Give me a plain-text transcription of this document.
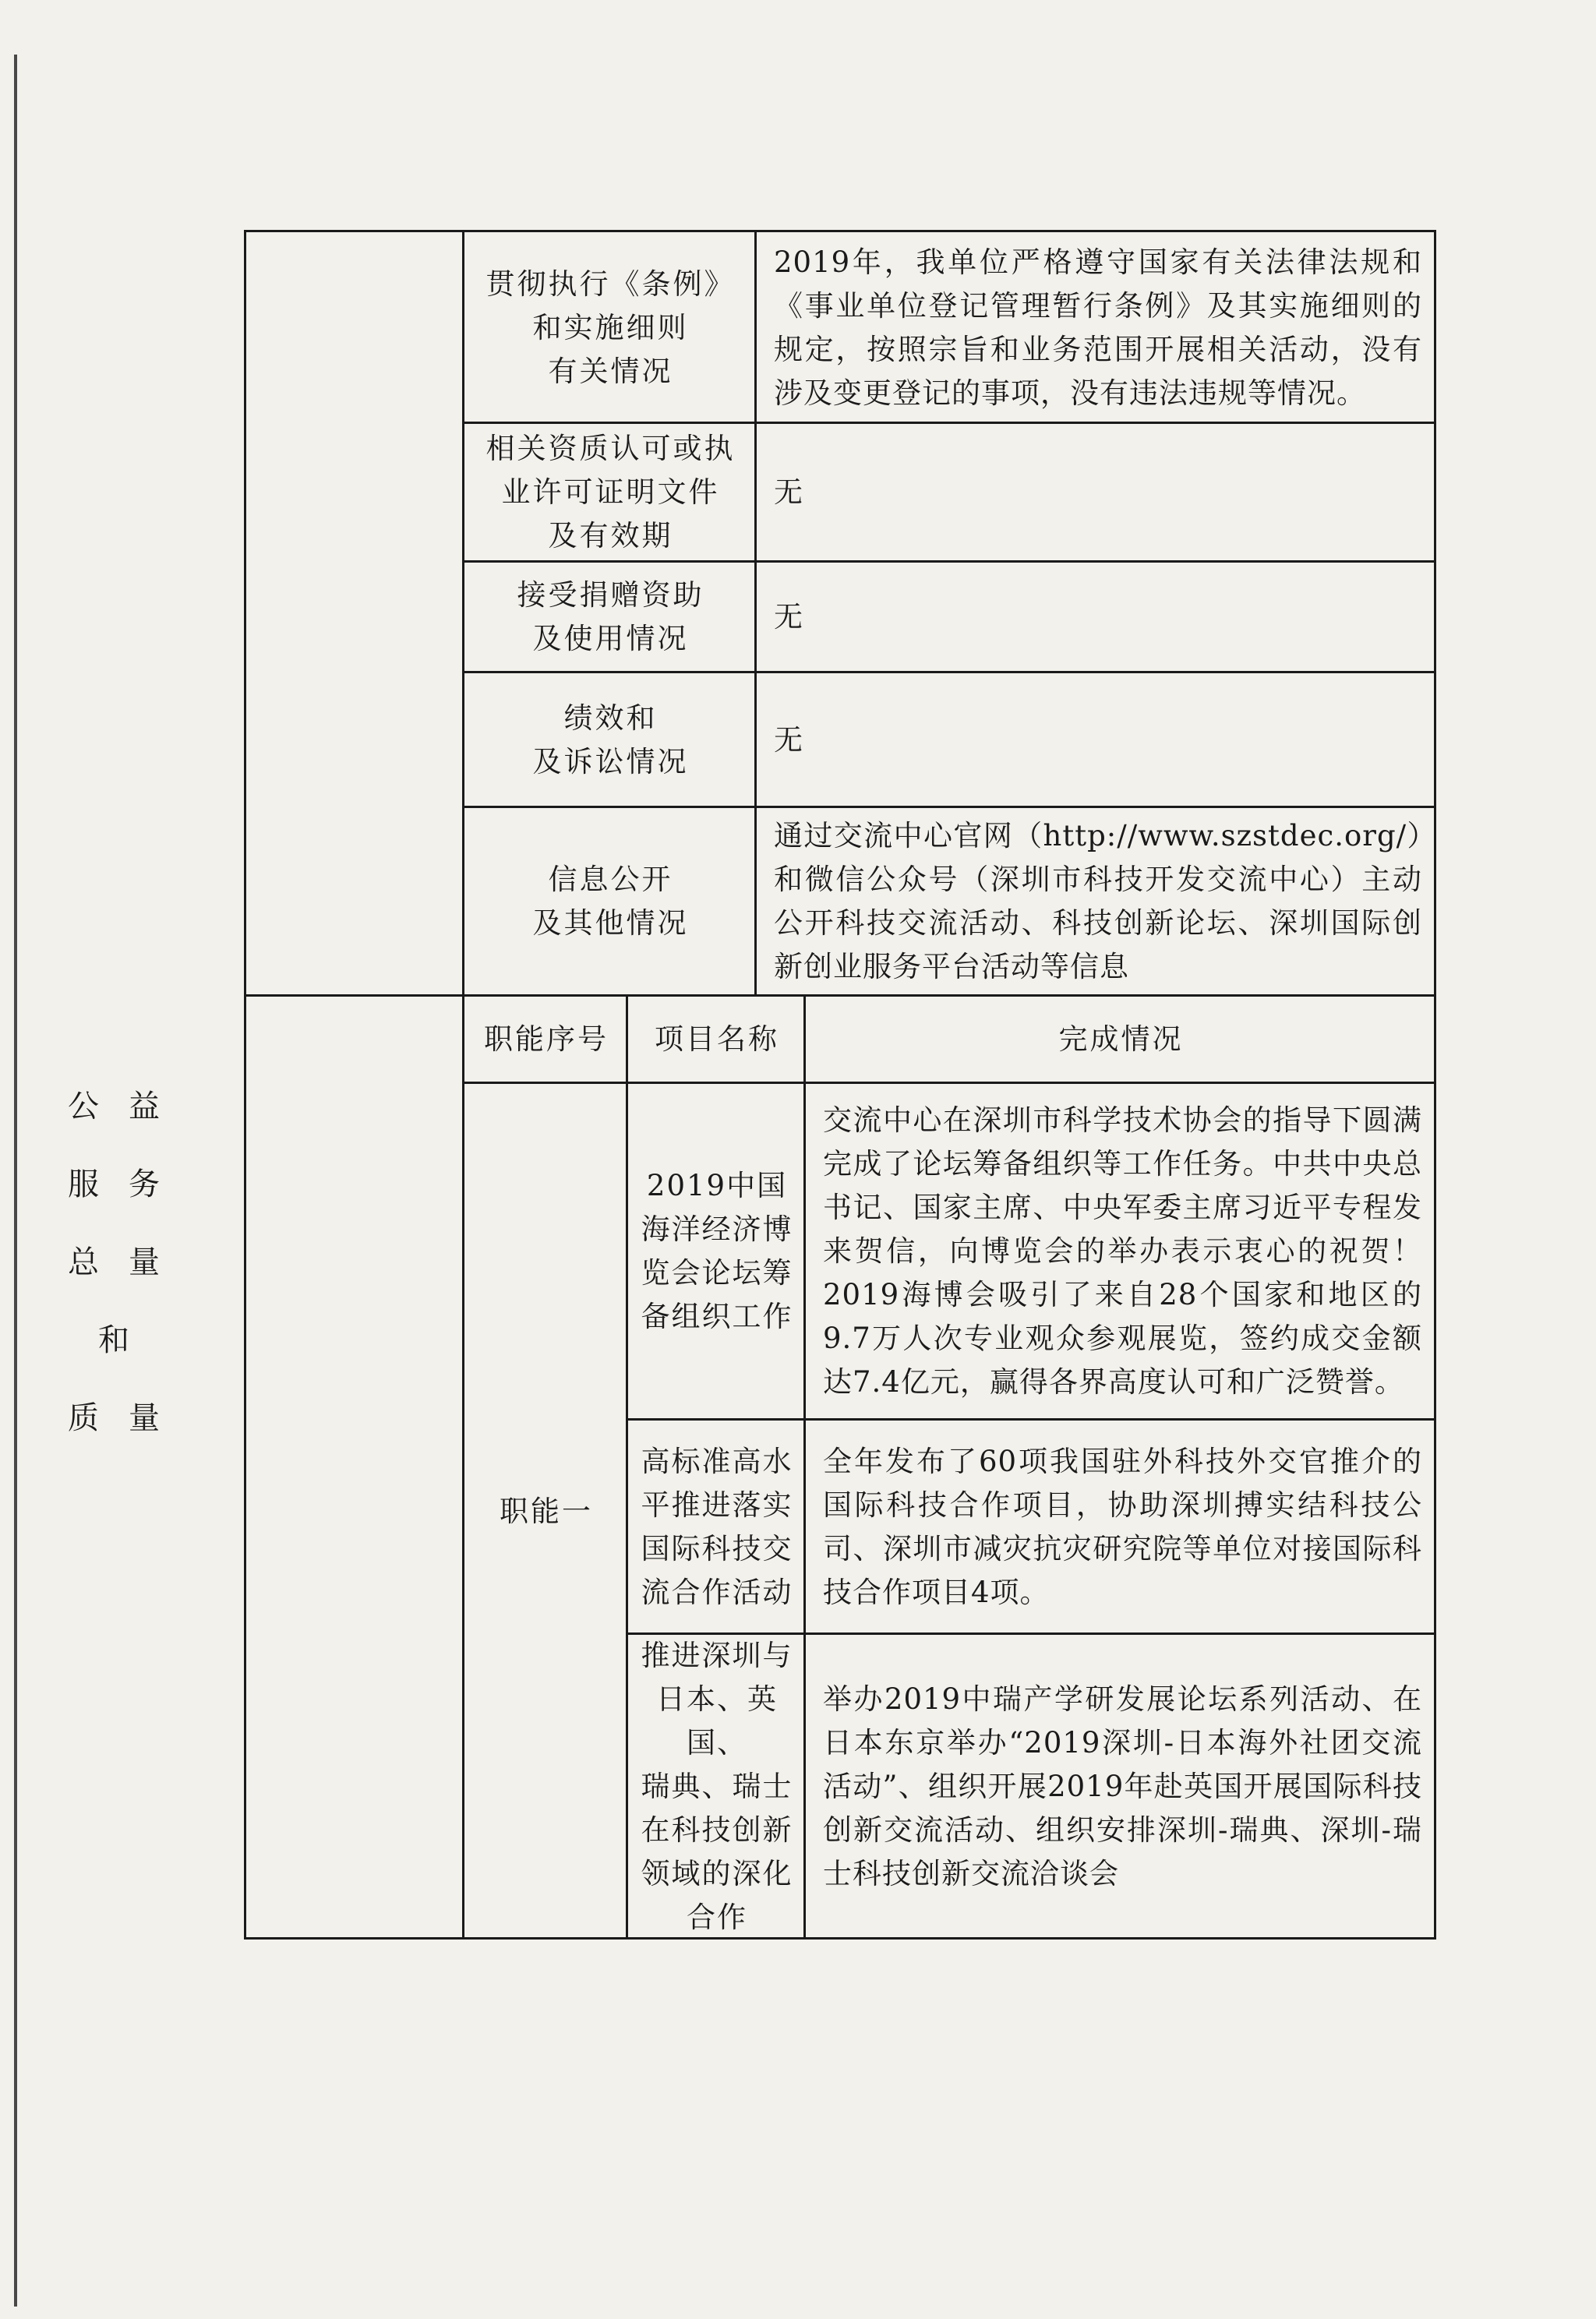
贯彻执行《条例》
和实施细则
有关情况
2019年，我单位严格遵守国家有关法律法规和《事业单位登记管理暂行条例》及其实施细则的规定，按照宗旨和业务范围开展相关活动，没有涉及变更登记的事项，没有违法违规等情况。
相关资质认可或执
业许可证明文件
及有效期
无
接受捐赠资助
及使用情况
无
绩效和
及诉讼情况
无
信息公开
及其他情况
通过交流中心官网（http://www.szstdec.org/）和微信公众号（深圳市科技开发交流中心）主动公开科技交流活动、科技创新论坛、深圳国际创新创业服务平台活动等信息
职能序号	项目名称	完成情况
职能一
2019中国
海洋经济博
览会论坛筹
备组织工作
交流中心在深圳市科学技术协会的指导下圆满完成了论坛筹备组织等工作任务。中共中央总书记、国家主席、中央军委主席习近平专程发来贺信，向博览会的举办表示衷心的祝贺！2019海博会吸引了来自28个国家和地区的9.7万人次专业观众参观展览，签约成交金额达7.4亿元，赢得各界高度认可和广泛赞誉。
高标准高水
平推进落实
国际科技交
流合作活动
全年发布了60项我国驻外科技外交官推介的国际科技合作项目，协助深圳搏实结科技公司、深圳市减灾抗灾研究院等单位对接国际科技合作项目4项。
推进深圳与
日本、英国、
瑞典、瑞士
在科技创新
领域的深化
合作
举办2019中瑞产学研发展论坛系列活动、在日本东京举办“2019深圳-日本海外社团交流活动”、组织开展2019年赴英国开展国际科技创新交流活动、组织安排深圳-瑞典、深圳-瑞士科技创新交流洽谈会
公益
服务
总量
和
质量
